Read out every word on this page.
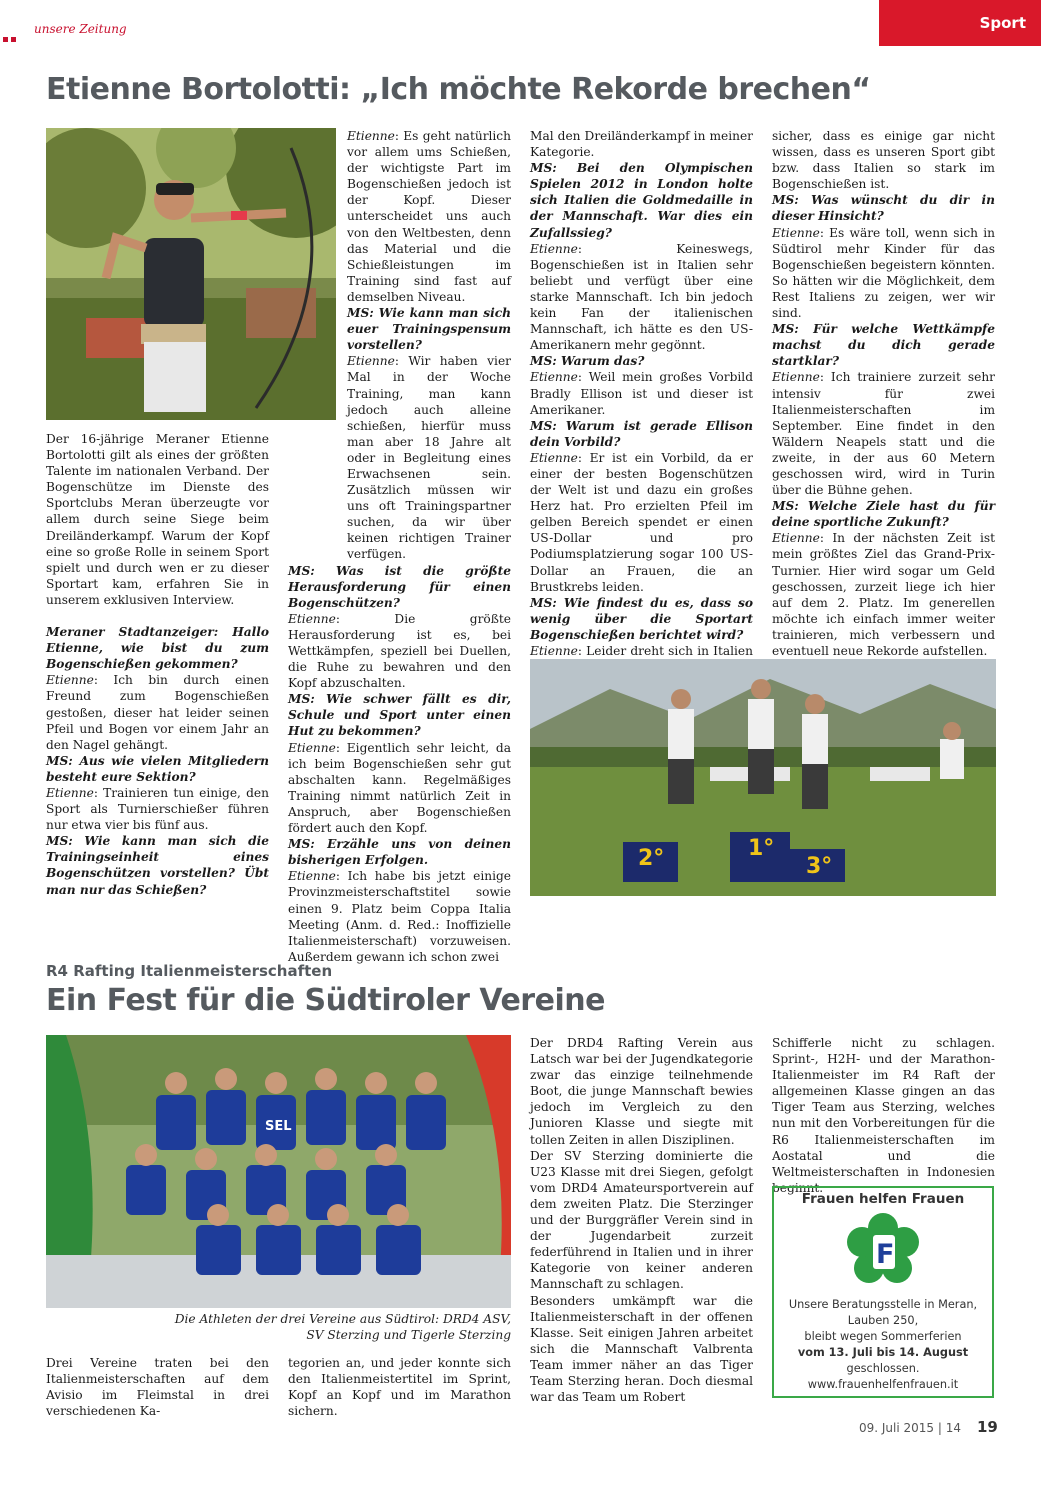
unsere Zeitung	Sport
Etienne Bortolotti: „Ich möchte Rekorde brechen“

Der 16-jährige Meraner Etienne Bortolotti gilt als eines der größten Talente im nationalen Verband. Der Bogenschütze im Dienste des Sportclubs Meran überzeugte vor allem durch seine Siege beim Dreiländerkampf. Warum der Kopf eine so große Rolle in seinem Sport spielt und durch wen er zu dieser Sportart kam, erfahren Sie in unserem exklusiven Interview.

Meraner Stadtanzeiger: Hallo Etienne, wie bist du zum Bogenschießen gekommen?

Etienne: Ich bin durch einen Freund zum Bogenschießen gestoßen, dieser hat leider seinen Pfeil und Bogen vor einem Jahr an den Nagel gehängt.

MS: Aus wie vielen Mitgliedern besteht eure Sektion?

Etienne: Trainieren tun einige, den Sport als Turnierschießer führen nur etwa vier bis fünf aus.

MS: Wie kann man sich die Trainingseinheit eines Bogenschützen vorstellen? Übt man nur das Schießen?

Etienne: Es geht natürlich vor allem ums Schießen, der wichtigste Part im Bogenschießen jedoch ist der Kopf. Dieser unterscheidet uns auch von den Weltbesten, denn das Material und die Schießleistungen im Training sind fast auf demselben Niveau.

MS: Wie kann man sich euer Trainingspensum vorstellen?

Etienne: Wir haben vier Mal in der Woche Training, man kann jedoch auch alleine schießen, hierfür muss man aber 18 Jahre alt oder in Begleitung eines Erwachsenen sein. Zusätzlich müssen wir uns oft Trainingspartner suchen, da wir über keinen richtigen Trainer verfügen.

MS: Was ist die größte Herausforderung für einen Bogenschützen?

Etienne: Die größte Herausforderung ist es, bei Wettkämpfen, speziell bei Duellen, die Ruhe zu bewahren und den Kopf abzuschalten.

MS: Wie schwer fällt es dir, Schule und Sport unter einen Hut zu bekommen?

Etienne: Eigentlich sehr leicht, da ich beim Bogenschießen sehr gut abschalten kann. Regelmäßiges Training nimmt natürlich Zeit in Anspruch, aber Bogenschießen fördert auch den Kopf.

MS: Erzähle uns von deinen bisherigen Erfolgen.

Etienne: Ich habe bis jetzt einige Provinzmeisterschaftstitel sowie einen 9. Platz beim Coppa Italia Meeting (Anm. d. Red.: Inoffizielle Italienmeisterschaft) vorzuweisen. Außerdem gewann ich schon zwei

Mal den Dreiländerkampf in meiner Kategorie.

MS: Bei den Olympischen Spielen 2012 in London holte sich Italien die Goldmedaille in der Mannschaft. War dies ein Zufallssieg?

Etienne: Keineswegs, Bogenschießen ist in Italien sehr beliebt und verfügt über eine starke Mannschaft. Ich bin jedoch kein Fan der italienischen Mannschaft, ich hätte es den US-Amerikanern mehr gegönnt.

MS: Warum das?

Etienne: Weil mein großes Vorbild Bradly Ellison ist und dieser ist Amerikaner.

MS: Warum ist gerade Ellison dein Vorbild?

Etienne: Er ist ein Vorbild, da er einer der besten Bogenschützen der Welt ist und dazu ein großes Herz hat. Pro erzielten Pfeil im gelben Bereich spendet er einen US-Dollar und pro Podiumsplatzierung sogar 100 US-Dollar an Frauen, die an Brustkrebs leiden.

MS: Wie findest du es, dass so wenig über die Sportart Bogenschießen berichtet wird?

Etienne: Leider dreht sich in Italien

sicher, dass es einige gar nicht wissen, dass es unseren Sport gibt bzw. dass Italien so stark im Bogenschießen ist.

MS: Was wünscht du dir in dieser Hinsicht?

Etienne: Es wäre toll, wenn sich in Südtirol mehr Kinder für das Bogenschießen begeistern könnten. So hätten wir die Möglichkeit, dem Rest Italiens zu zeigen, wer wir sind.

MS: Für welche Wettkämpfe machst du dich gerade startklar?

Etienne: Ich trainiere zurzeit sehr intensiv für zwei Italienmeisterschaften im September. Eine findet in den Wäldern Neapels statt und die zweite, in der aus 60 Metern geschossen wird, wird in Turin über die Bühne gehen.

MS: Welche Ziele hast du für deine sportliche Zukunft?

Etienne: In der nächsten Zeit ist mein größtes Ziel das Grand-Prix-Turnier. Hier wird sogar um Geld geschossen, zurzeit liege ich hier auf dem 2. Platz. Im generellen möchte ich einfach immer weiter trainieren, mich verbessern und eventuell neue Rekorde aufstellen.

2°	1°
3°
R4 Rafting Italienmeisterschaften
Ein Fest für die Südtiroler Vereine
SEL
Die Athleten der drei Vereine aus Südtirol: DRD4 ASV,
SV Sterzing und Tigerle Sterzing
Drei Vereine traten bei den Italienmeisterschaften auf dem Avisio im Fleimstal in drei verschiedenen Ka-
tegorien an, und jeder konnte sich den Italienmeistertitel im Sprint, Kopf an Kopf und im Marathon sichern.

Der DRD4 Rafting Verein aus Latsch war bei der Jugendkategorie zwar das einzige teilnehmende Boot, die junge Mannschaft bewies jedoch im Vergleich zu den Junioren Klasse und siegte mit tollen Zeiten in allen Disziplinen.

Der SV Sterzing dominierte die U23 Klasse mit drei Siegen, gefolgt vom DRD4 Amateursportverein auf dem zweiten Platz. Die Sterzinger und der Burggräfler Verein sind in der Jugendarbeit zurzeit federführend in Italien und in ihrer Kategorie von keiner anderen Mannschaft zu schlagen.

Besonders umkämpft war die Italienmeisterschaft in der offenen Klasse. Seit einigen Jahren arbeitet sich die Mannschaft Valbrenta Team immer näher an das Tiger Team Sterzing heran. Doch diesmal war das Team um Robert

Schifferle nicht zu schlagen. Sprint-, H2H- und der Marathon-Italienmeister im R4 Raft der allgemeinen Klasse gingen an das Tiger Team aus Sterzing, welches nun mit den Vorbereitungen für die R6 Italienmeisterschaften im Aostatal und die Weltmeisterschaften in Indonesien beginnt.
Frauen helfen Frauen
F
Unsere Beratungsstelle in Meran,
Lauben 250,
bleibt wegen Sommerferien
vom 13. Juli bis 14. August
geschlossen.
www.frauenhelfenfrauen.it
09. Juli 2015 | 14 19
